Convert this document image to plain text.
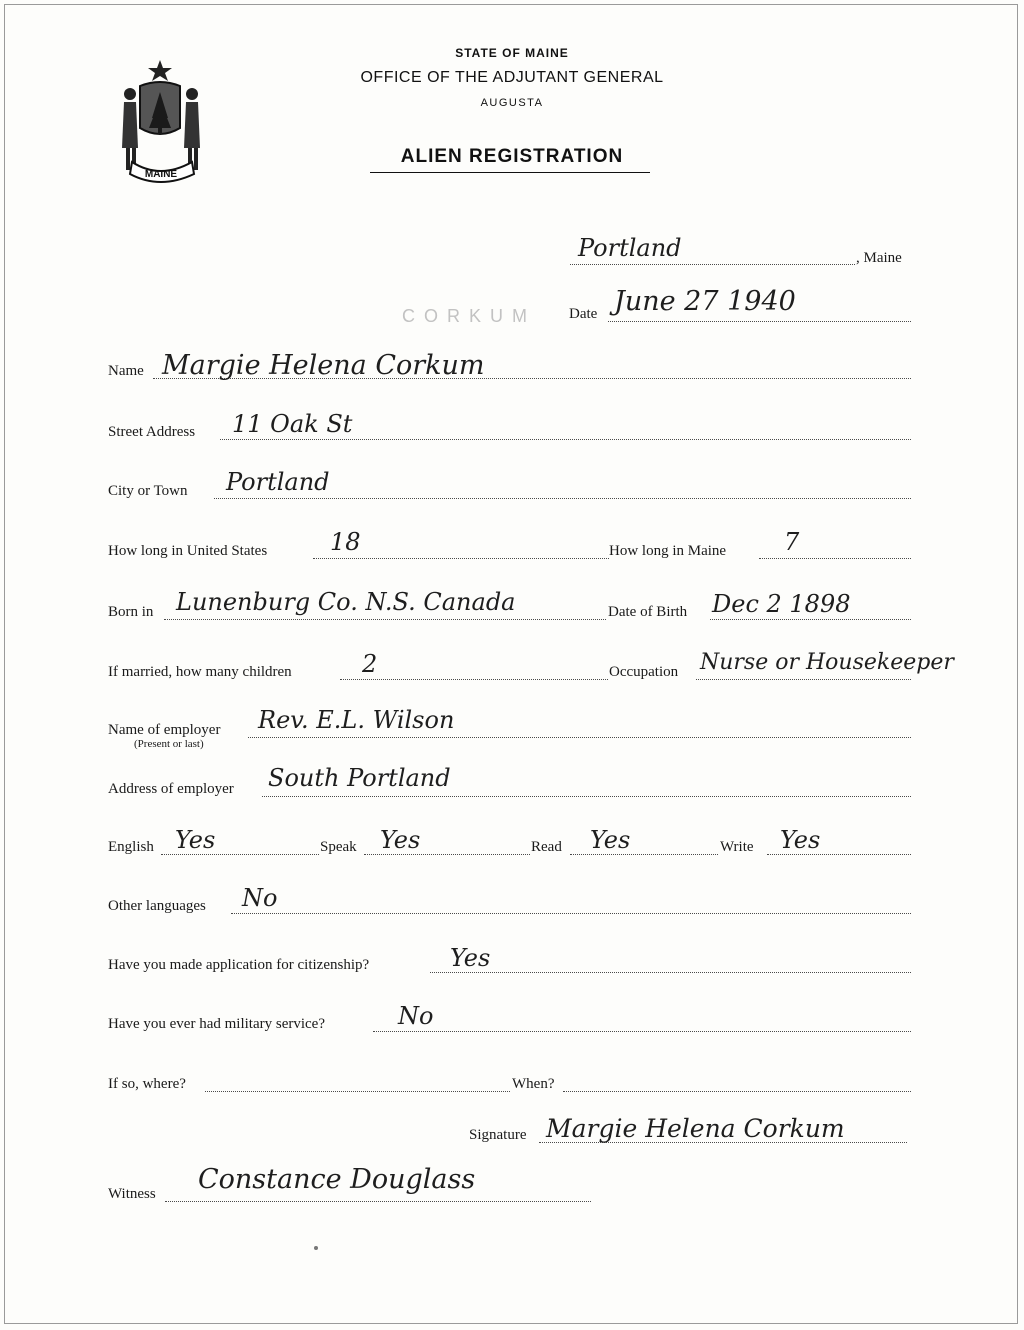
MAINE
STATE OF MAINE
OFFICE OF THE ADJUTANT GENERAL
AUGUSTA
ALIEN REGISTRATION
Portland	, Maine
CORKUM Date June 27 1940
Name Margie Helena Corkum
Street Address 11 Oak St
City or Town Portland
How long in United States	18	How long in Maine 7
Born in Lunenburg Co. N.S. Canada	Date of Birth Dec 2 1898
If married, how many children	2	Occupation Nurse or Housekeeper
Name of employer
(Present or last)
Rev. E.L. Wilson
Address of employer South Portland
English Yes	Speak Yes	Read Yes	Write Yes
Other languages No
Have you made application for citizenship?	Yes
Have you ever had military service?	No
If so, where?	When?
Signature Margie Helena Corkum
Witness Constance Douglass
